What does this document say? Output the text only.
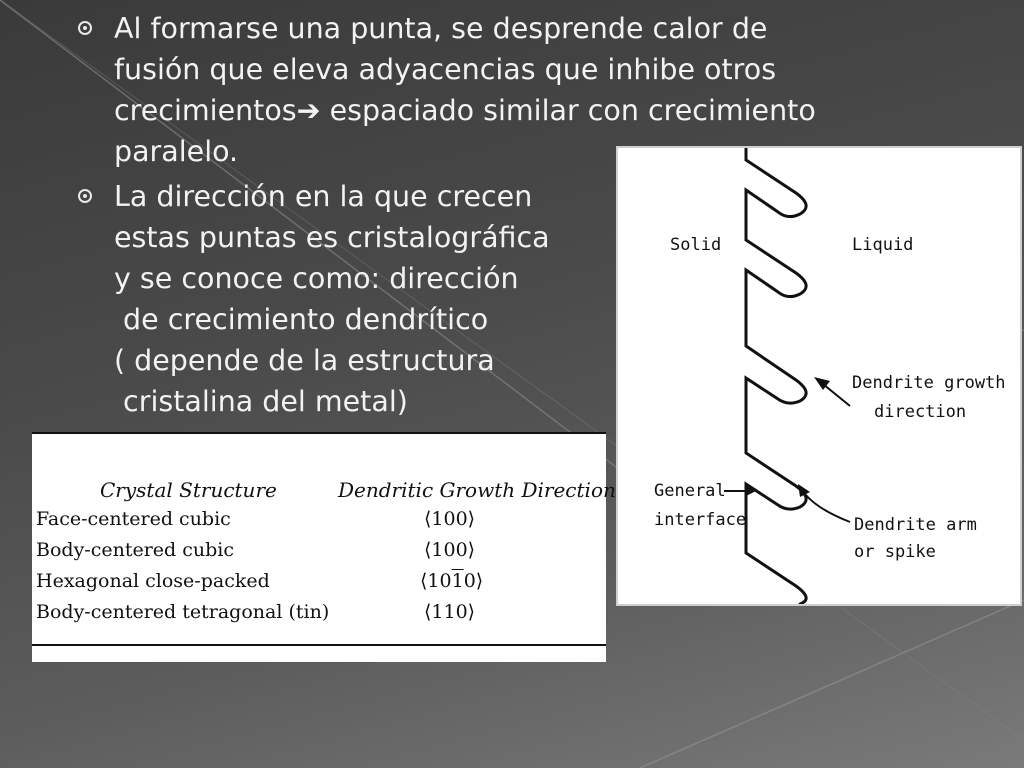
Al formarse una punta, se desprende calor de
fusión que eleva adyacencias que inhibe otros
crecimientos➔ espaciado similar con crecimiento
paralelo.
La dirección en la que crecen
estas puntas es cristalográfica
y se conoce como: dirección
de crecimiento dendrítico
( depende de la estructura
cristalina del metal)
Solid	Liquid
Dendrite growth
direction
General
interface	Dendrite arm
or spike
Crystal Structure	Dendritic Growth Direction
Face-centered cubic	⟨100⟩
Body-centered cubic	⟨100⟩
Hexagonal close-packed	⟨1010⟩
Body-centered tetragonal (tin)	⟨110⟩
